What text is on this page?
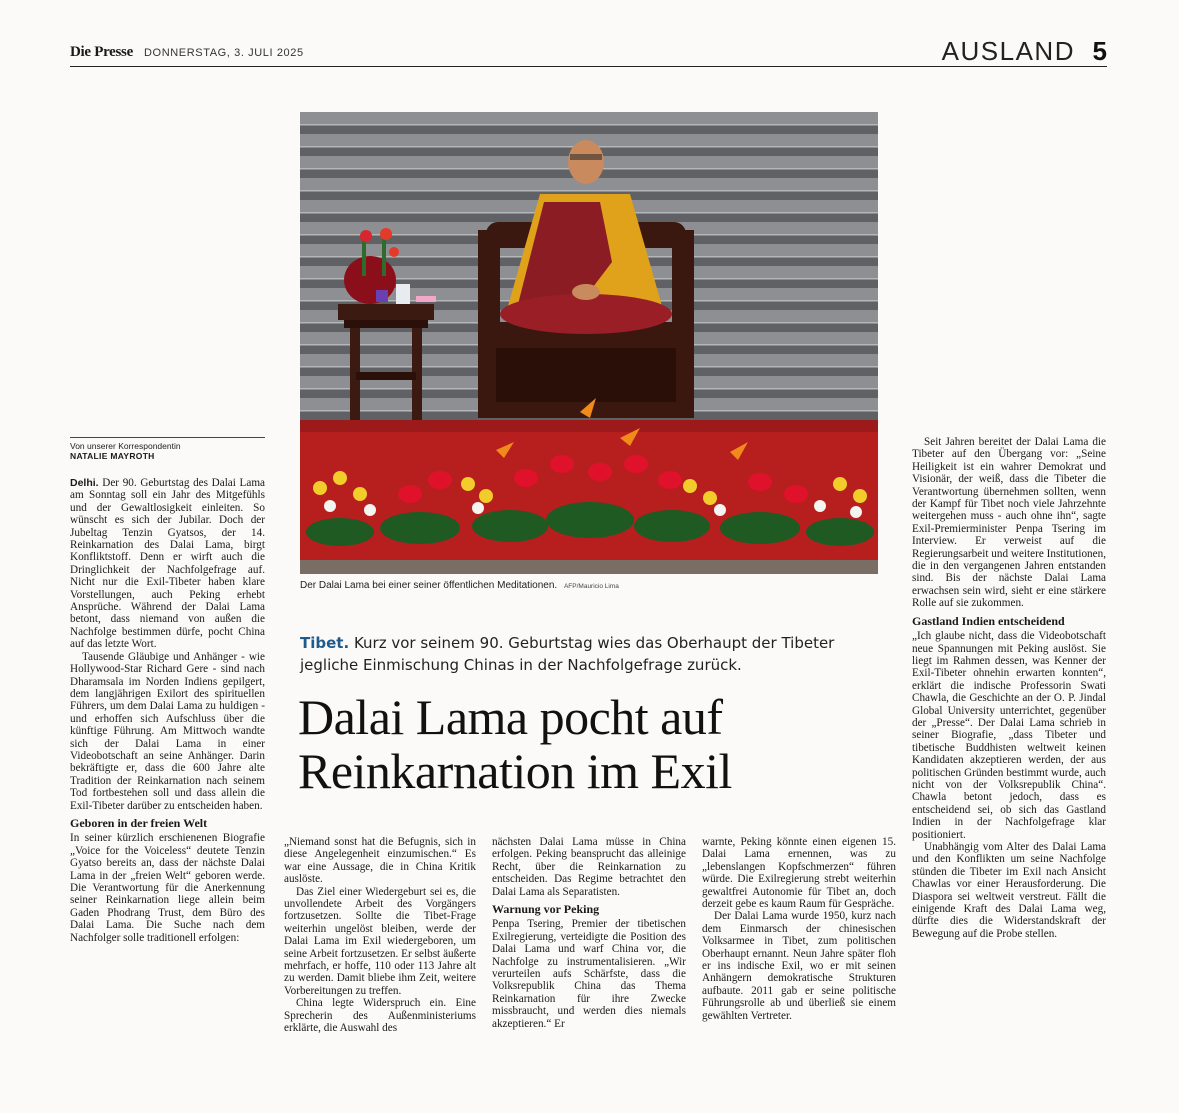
Die Presse DONNERSTAG, 3. JULI 2025	AUSLAND 5
Der Dalai Lama bei einer seiner öffentlichen Meditationen. AFP/Mauricio Lima
Von unserer Korrespondentin
NATALIE MAYROTH

Delhi. Der 90. Geburtstag des Dalai Lama am Sonntag soll ein Jahr des Mitgefühls und der Gewaltlosigkeit einleiten. So wünscht es sich der Jubilar. Doch der Jubeltag Tenzin Gyatsos, der 14. Reinkarnation des Dalai Lama, birgt Konfliktstoff. Denn er wirft auch die Dringlichkeit der Nachfolgefrage auf. Nicht nur die Exil-Tibeter haben klare Vorstellungen, auch Peking erhebt Ansprüche. Während der Dalai Lama betont, dass niemand von außen die Nachfolge bestimmen dürfe, pocht China auf das letzte Wort.

Tausende Gläubige und Anhänger - wie Hollywood-Star Richard Gere - sind nach Dharamsala im Norden Indiens gepilgert, dem langjährigen Exilort des spirituellen Führers, um dem Dalai Lama zu huldigen - und erhoffen sich Aufschluss über die künftige Führung. Am Mittwoch wandte sich der Dalai Lama in einer Videobotschaft an seine Anhänger. Darin bekräftigte er, dass die 600 Jahre alte Tradition der Reinkarnation nach seinem Tod fortbestehen soll und dass allein die Exil-Tibeter darüber zu entscheiden haben.

Geboren in der freien Welt

In seiner kürzlich erschienenen Biografie „Voice for the Voiceless“ deutete Tenzin Gyatso bereits an, dass der nächste Dalai Lama in der „freien Welt“ geboren werde. Die Verantwortung für die Anerkennung seiner Reinkarnation liege allein beim Gaden Phodrang Trust, dem Büro des Dalai Lama. Die Suche nach dem Nachfolger solle traditionell erfolgen:

Tibet. Kurz vor seinem 90. Geburtstag wies das Oberhaupt der Tibeter jegliche Einmischung Chinas in der Nachfolgefrage zurück.
Dalai Lama pocht auf
Reinkarnation im Exil

„Niemand sonst hat die Befugnis, sich in diese Angelegenheit einzumischen.“ Es war eine Aussage, die in China Kritik auslöste.

Das Ziel einer Wiedergeburt sei es, die unvollendete Arbeit des Vorgängers fortzusetzen. Sollte die Tibet-Frage weiterhin ungelöst bleiben, werde der Dalai Lama im Exil wiedergeboren, um seine Arbeit fortzusetzen. Er selbst äußerte mehrfach, er hoffe, 110 oder 113 Jahre alt zu werden. Damit bliebe ihm Zeit, weitere Vorbereitungen zu treffen.

China legte Widerspruch ein. Eine Sprecherin des Außenministeriums erklärte, die Auswahl des

nächsten Dalai Lama müsse in China erfolgen. Peking beansprucht das alleinige Recht, über die Reinkarnation zu entscheiden. Das Regime betrachtet den Dalai Lama als Separatisten.

Warnung vor Peking

Penpa Tsering, Premier der tibetischen Exilregierung, verteidigte die Position des Dalai Lama und warf China vor, die Nachfolge zu instrumentalisieren. „Wir verurteilen aufs Schärfste, dass die Volksrepublik China das Thema Reinkarnation für ihre Zwecke missbraucht, und werden dies niemals akzeptieren.“ Er

warnte, Peking könnte einen eigenen 15. Dalai Lama ernennen, was zu „lebenslangen Kopfschmerzen“ führen würde. Die Exilregierung strebt weiterhin gewaltfrei Autonomie für Tibet an, doch derzeit gebe es kaum Raum für Gespräche.

Der Dalai Lama wurde 1950, kurz nach dem Einmarsch der chinesischen Volksarmee in Tibet, zum politischen Oberhaupt ernannt. Neun Jahre später floh er ins indische Exil, wo er mit seinen Anhängern demokratische Strukturen aufbaute. 2011 gab er seine politische Führungsrolle ab und überließ sie einem gewählten Vertreter.

Seit Jahren bereitet der Dalai Lama die Tibeter auf den Übergang vor: „Seine Heiligkeit ist ein wahrer Demokrat und Visionär, der weiß, dass die Tibeter die Verantwortung übernehmen sollten, wenn der Kampf für Tibet noch viele Jahrzehnte weitergehen muss - auch ohne ihn“, sagte Exil-Premierminister Penpa Tsering im Interview. Er verweist auf die Regierungsarbeit und weitere Institutionen, die in den vergangenen Jahren entstanden sind. Bis der nächste Dalai Lama erwachsen sein wird, sieht er eine stärkere Rolle auf sie zukommen.

Gastland Indien entscheidend

„Ich glaube nicht, dass die Videobotschaft neue Spannungen mit Peking auslöst. Sie liegt im Rahmen dessen, was Kenner der Exil-Tibeter ohnehin erwarten konnten“, erklärt die indische Professorin Swati Chawla, die Geschichte an der O. P. Jindal Global University unterrichtet, gegenüber der „Presse“. Der Dalai Lama schrieb in seiner Biografie, „dass Tibeter und tibetische Buddhisten weltweit keinen Kandidaten akzeptieren werden, der aus politischen Gründen bestimmt wurde, auch nicht von der Volksrepublik China“. Chawla betont jedoch, dass es entscheidend sei, ob sich das Gastland Indien in der Nachfolgefrage klar positioniert.

Unabhängig vom Alter des Dalai Lama und den Konflikten um seine Nachfolge stünden die Tibeter im Exil nach Ansicht Chawlas vor einer Herausforderung. Die Diaspora sei weltweit verstreut. Fällt die einigende Kraft des Dalai Lama weg, dürfte dies die Widerstandskraft der Bewegung auf die Probe stellen.
